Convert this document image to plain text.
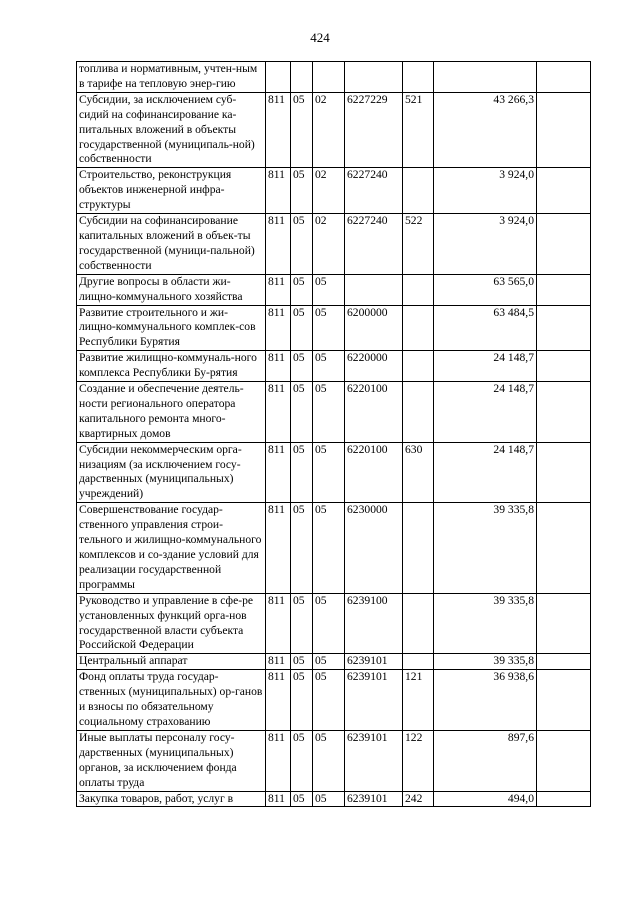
424
топлива и нормативным, учтен-ным в тарифе на тепловую энер-гию							
Субсидии, за исключением суб-сидий на софинансирование ка-питальных вложений в объекты государственной (муниципаль-ной) собственности	811	05	02	6227229	521	43 266,3	
Строительство, реконструкция объектов инженерной инфра-структуры	811	05	02	6227240		3 924,0	
Субсидии на софинансирование капитальных вложений в объек-ты государственной (муници-пальной) собственности	811	05	02	6227240	522	3 924,0	
Другие вопросы в области жи-лищно-коммунального хозяйства	811	05	05			63 565,0	
Развитие строительного и жи-лищно-коммунального комплек-сов Республики Бурятия	811	05	05	6200000		63 484,5	
Развитие жилищно-коммуналь-ного комплекса Республики Бу-рятия	811	05	05	6220000		24 148,7	
Создание и обеспечение деятель-ности регионального оператора капитального ремонта много-квартирных домов	811	05	05	6220100		24 148,7	
Субсидии некоммерческим орга-низациям (за исключением госу-дарственных (муниципальных) учреждений)	811	05	05	6220100	630	24 148,7	
Совершенствование государ-ственного управления строи-тельного и жилищно-коммунального комплексов и со-здание условий для реализации государственной программы	811	05	05	6230000		39 335,8	
Руководство и управление в сфе-ре установленных функций орга-нов государственной власти субъекта Российской Федерации	811	05	05	6239100		39 335,8	
Центральный аппарат	811	05	05	6239101		39 335,8	
Фонд оплаты труда государ-ственных (муниципальных) ор-ганов и взносы по обязательному социальному страхованию	811	05	05	6239101	121	36 938,6	
Иные выплаты персоналу госу-дарственных (муниципальных) органов, за исключением фонда оплаты труда	811	05	05	6239101	122	897,6	
Закупка товаров, работ, услуг в	811	05	05	6239101	242	494,0	
